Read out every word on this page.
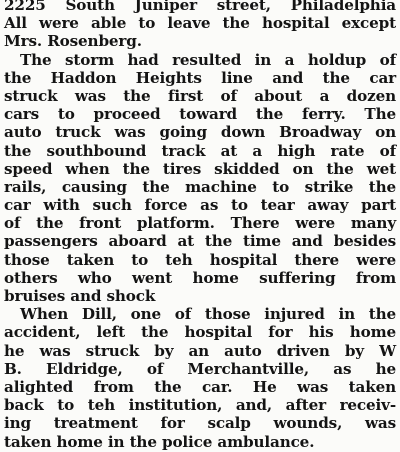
2225 South Juniper street, Philadelphia
All were able to leave the hospital except
Mrs. Rosenberg.
The storm had resulted in a holdup of
the Haddon Heights line and the car
struck was the first of about a dozen
cars to proceed toward the ferry. The
auto truck was going down Broadway on
the southbound track at a high rate of
speed when the tires skidded on the wet
rails, causing the machine to strike the
car with such force as to tear away part
of the front platform. There were many
passengers aboard at the time and besides
those taken to teh hospital there were
others who went home suffering from
bruises and shock
When Dill, one of those injured in the
accident, left the hospital for his home
he was struck by an auto driven by W
B. Eldridge, of Merchantville, as he
alighted from the car. He was taken
back to teh institution, and, after receiv-
ing treatment for scalp wounds, was
taken home in the police ambulance.
